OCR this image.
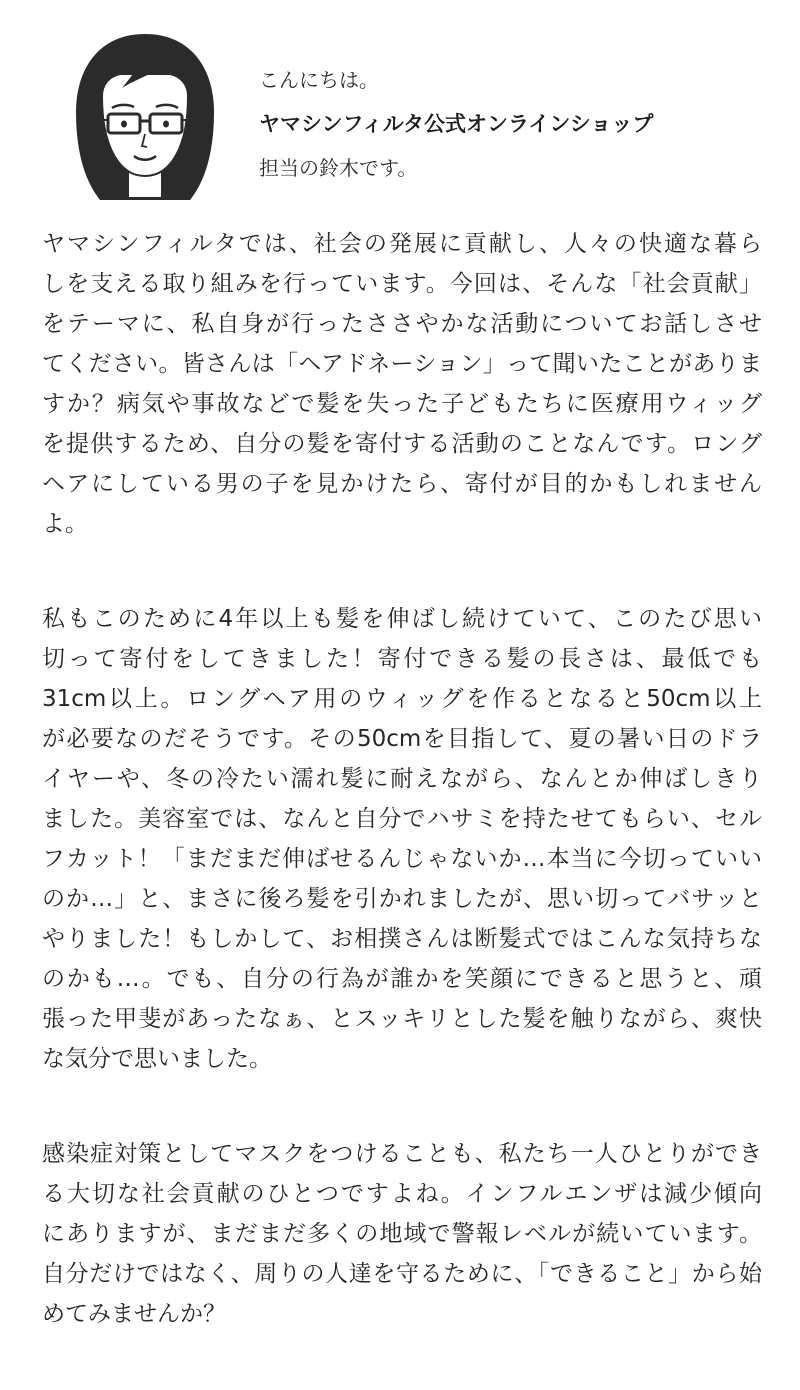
こんにちは。
ヤマシンフィルタ公式オンラインショップ
担当の鈴木です。
ヤマシンフィルタでは、社会の発展に貢献し、人々の快適な暮ら
しを支える取り組みを行っています。今回は、そんな「社会貢献」
をテーマに、私自身が行ったささやかな活動についてお話しさせ
てください。皆さんは「ヘアドネーション」って聞いたことがありま
すか？病気や事故などで髪を失った子どもたちに医療用ウィッグ
を提供するため、自分の髪を寄付する活動のことなんです。ロング
ヘアにしている男の子を見かけたら、寄付が目的かもしれません
よ。
私もこのために4年以上も髪を伸ばし続けていて、このたび思い
切って寄付をしてきました！寄付できる髪の長さは、最低でも
31cm以上。ロングヘア用のウィッグを作るとなると50cm以上
が必要なのだそうです。その50cmを目指して、夏の暑い日のドラ
イヤーや、冬の冷たい濡れ髪に耐えながら、なんとか伸ばしきり
ました。美容室では、なんと自分でハサミを持たせてもらい、セル
フカット！「まだまだ伸ばせるんじゃないか…本当に今切っていい
のか…」と、まさに後ろ髪を引かれましたが、思い切ってバサッと
やりました！もしかして、お相撲さんは断髪式ではこんな気持ちな
のかも…。でも、自分の行為が誰かを笑顔にできると思うと、頑
張った甲斐があったなぁ、とスッキリとした髪を触りながら、爽快
な気分で思いました。
感染症対策としてマスクをつけることも、私たち一人ひとりができ
る大切な社会貢献のひとつですよね。インフルエンザは減少傾向
にありますが、まだまだ多くの地域で警報レベルが続いています。
自分だけではなく、周りの人達を守るために、「できること」から始
めてみませんか？
